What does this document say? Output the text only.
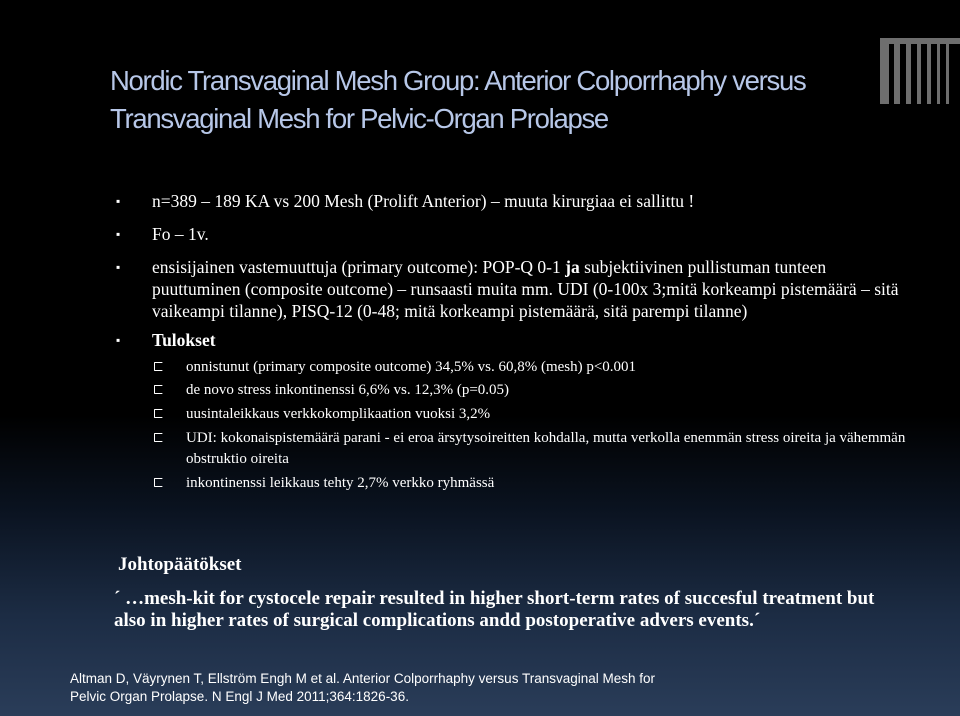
Nordic Transvaginal Mesh Group: Anterior Colporrhaphy versus Transvaginal Mesh for Pelvic-Organ Prolapse
▪ n=389 – 189 KA vs 200 Mesh (Prolift Anterior) – muuta kirurgiaa ei sallittu !
▪ Fo – 1v.
▪ ensisijainen vastemuuttuja (primary outcome): POP-Q 0-1 ja subjektiivinen pullistuman tunteen puuttuminen (composite outcome) – runsaasti muita mm. UDI (0-100x 3;mitä korkeampi pistemäärä – sitä vaikeampi tilanne), PISQ-12 (0-48; mitä korkeampi pistemäärä, sitä parempi tilanne)
▪ Tulokset
onnistunut (primary composite outcome) 34,5% vs. 60,8% (mesh) p<0.001
de novo stress inkontinenssi 6,6% vs. 12,3% (p=0.05)
uusintaleikkaus verkkokomplikaation vuoksi 3,2%
UDI: kokonaispistemäärä parani - ei eroa ärsytysoireitten kohdalla, mutta verkolla enemmän stress oireita ja vähemmän obstruktio oireita
inkontinenssi leikkaus tehty 2,7% verkko ryhmässä
Johtopäätökset

´ …mesh-kit for cystocele repair resulted in higher short-term rates of succesful treatment but also in higher rates of surgical complications andd postoperative advers events.´

Altman D, Väyrynen T, Ellström Engh M et al. Anterior Colporrhaphy versus Transvaginal Mesh for Pelvic Organ Prolapse. N Engl J Med 2011;364:1826-36.
